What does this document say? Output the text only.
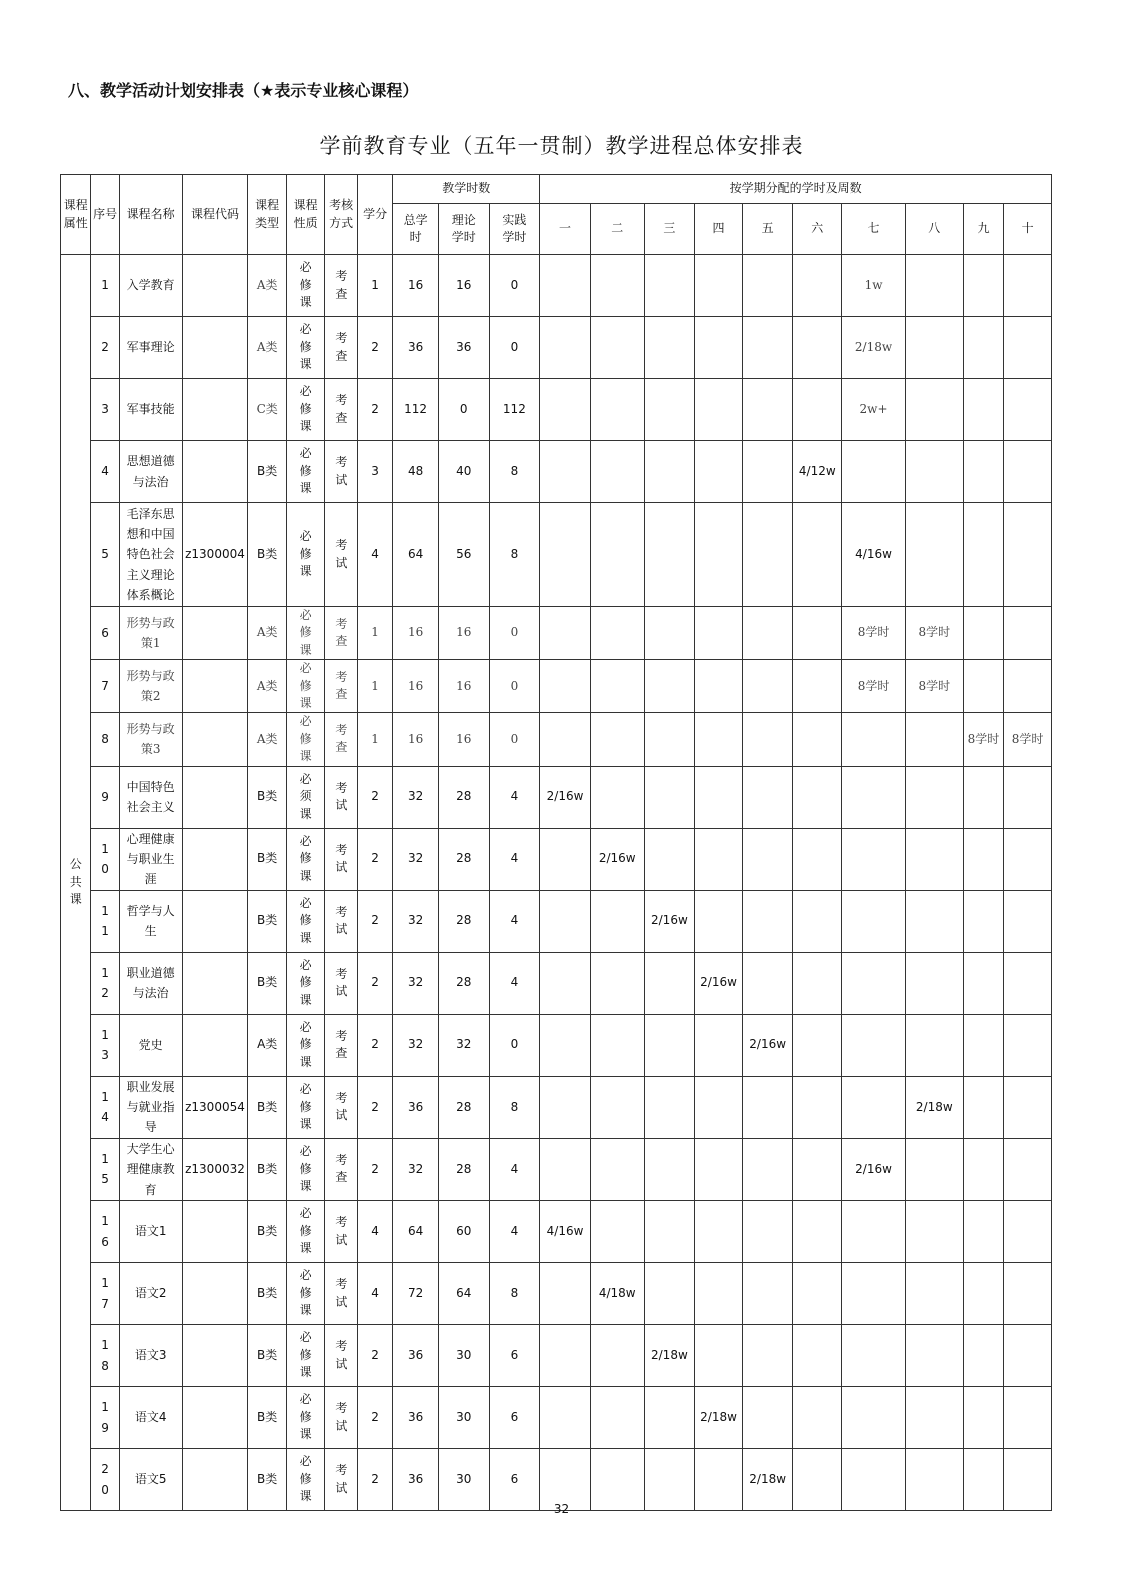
八、教学活动计划安排表（★表示专业核心课程）
学前教育专业（五年一贯制）教学进程总体安排表
课程属性	序号	课程名称	课程代码	课程类型	课程性质	考核方式	学分	教学时数			按学期分配的学时及周数									
								总学时	理论学时	实践学时	一	二	三	四	五	六	七	八	九	十
公共课	1	入学教育		A类	必修课	考查	1	16	16	0							1w			
	2	军事理论		A类	必修课	考查	2	36	36	0							2/18w			
	3	军事技能		C类	必修课	考查	2	112	0	112							2w+			
	4	思想道德与法治		B类	必修课	考试	3	48	40	8						4/12w				
	5	毛泽东思想和中国特色社会主义理论体系概论	z1300004	B类	必修课	考试	4	64	56	8							4/16w			
	6	形势与政策1		A类	必修课	考查	1	16	16	0							8学时	8学时		
	7	形势与政策2		A类	必修课	考查	1	16	16	0							8学时	8学时		
	8	形势与政策3		A类	必修课	考查	1	16	16	0									8学时	8学时
	9	中国特色社会主义		B类	必须课	考试	2	32	28	4	2/16w									
	10	心理健康与职业生涯		B类	必修课	考试	2	32	28	4		2/16w								
	11	哲学与人生		B类	必修课	考试	2	32	28	4			2/16w							
	12	职业道德与法治		B类	必修课	考试	2	32	28	4				2/16w						
	13	党史		A类	必修课	考查	2	32	32	0					2/16w					
	14	职业发展与就业指导	z1300054	B类	必修课	考试	2	36	28	8								2/18w		
	15	大学生心理健康教育	z1300032	B类	必修课	考查	2	32	28	4							2/16w			
	16	语文1		B类	必修课	考试	4	64	60	4	4/16w									
	17	语文2		B类	必修课	考试	4	72	64	8		4/18w								
	18	语文3		B类	必修课	考试	2	36	30	6			2/18w							
	19	语文4		B类	必修课	考试	2	36	30	6				2/18w						
	20	语文5		B类	必修课	考试	2	36	30	6					2/18w					
32
